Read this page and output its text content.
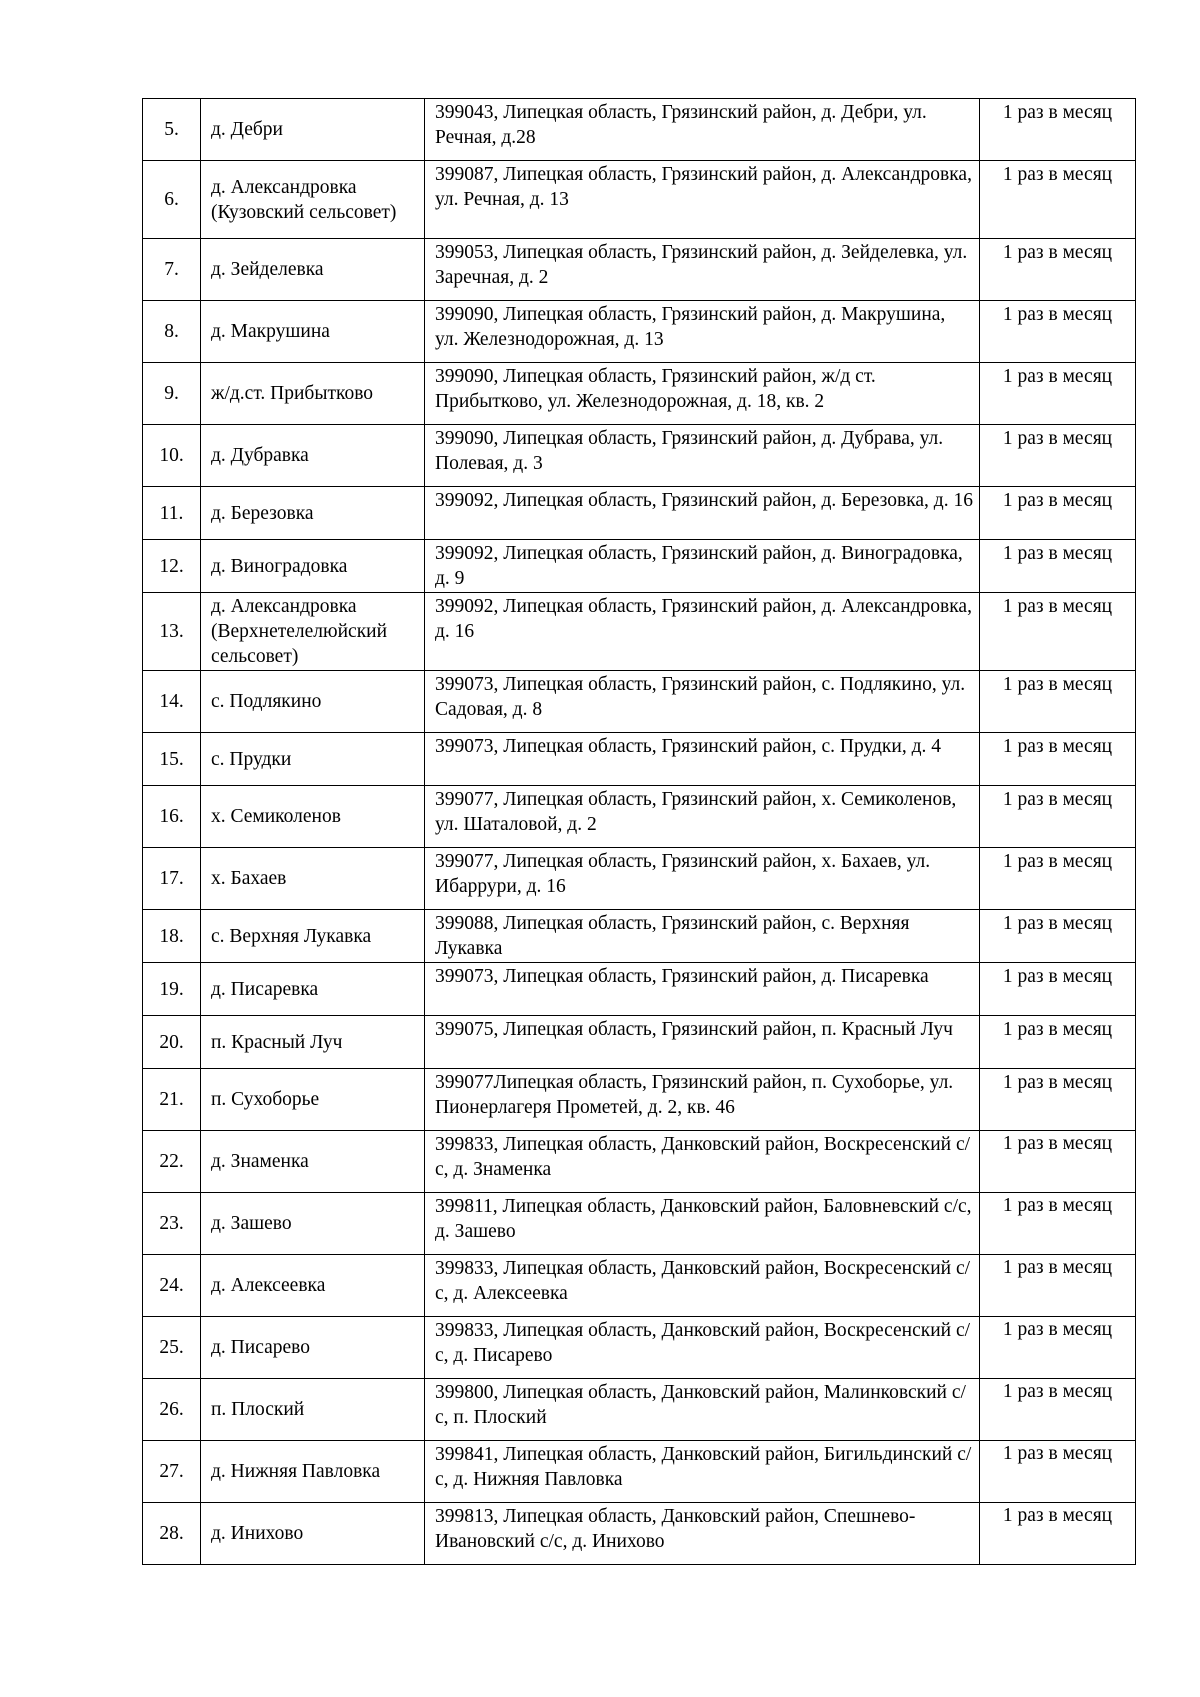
5.	д. Дебри	399043, Липецкая область, Грязинский район, д. Дебри, ул. Речная, д.28	1 раз в месяц
6.	д. Александровка (Кузовский сельсовет)	399087, Липецкая область, Грязинский район, д. Александровка, ул. Речная, д. 13	1 раз в месяц
7.	д. Зейделевка	399053, Липецкая область, Грязинский район, д. Зейделевка, ул. Заречная, д. 2	1 раз в месяц
8.	д. Макрушина	399090, Липецкая область, Грязинский район, д. Макрушина, ул. Железнодорожная, д. 13	1 раз в месяц
9.	ж/д.ст. Прибытково	399090, Липецкая область, Грязинский район, ж/д ст. Прибытково, ул. Железнодорожная, д. 18, кв. 2	1 раз в месяц
10.	д. Дубравка	399090, Липецкая область, Грязинский район, д. Дубрава, ул. Полевая, д. 3	1 раз в месяц
11.	д. Березовка	399092, Липецкая область, Грязинский район, д. Березовка, д. 16	1 раз в месяц
12.	д. Виноградовка	399092, Липецкая область, Грязинский район, д. Виноградовка, д. 9	1 раз в месяц
13.	д. Александровка (Верхнетелелюйский сельсовет)	399092, Липецкая область, Грязинский район, д. Александровка, д. 16	1 раз в месяц
14.	с. Подлякино	399073, Липецкая область, Грязинский район, с. Подлякино, ул. Садовая, д. 8	1 раз в месяц
15.	с. Прудки	399073, Липецкая область, Грязинский район, с. Прудки, д. 4	1 раз в месяц
16.	х. Семиколенов	399077, Липецкая область, Грязинский район, х. Семиколенов, ул. Шаталовой, д. 2	1 раз в месяц
17.	х. Бахаев	399077, Липецкая область, Грязинский район, х. Бахаев, ул. Ибаррури, д. 16	1 раз в месяц
18.	с. Верхняя Лукавка	399088, Липецкая область, Грязинский район, с. Верхняя Лукавка	1 раз в месяц
19.	д. Писаревка	399073, Липецкая область, Грязинский район, д. Писаревка	1 раз в месяц
20.	п. Красный Луч	399075, Липецкая область, Грязинский район, п. Красный Луч	1 раз в месяц
21.	п. Сухоборье	399077Липецкая область, Грязинский район, п. Сухоборье, ул. Пионерлагеря Прометей, д. 2, кв. 46	1 раз в месяц
22.	д. Знаменка	399833, Липецкая область, Данковский район, Воскресенский с/с, д. Знаменка	1 раз в месяц
23.	д. Зашево	399811, Липецкая область, Данковский район, Баловневский с/с, д. Зашево	1 раз в месяц
24.	д. Алексеевка	399833, Липецкая область, Данковский район, Воскресенский с/с, д. Алексеевка	1 раз в месяц
25.	д. Писарево	399833, Липецкая область, Данковский район, Воскресенский с/с, д. Писарево	1 раз в месяц
26.	п. Плоский	399800, Липецкая область, Данковский район, Малинковский с/с, п. Плоский	1 раз в месяц
27.	д. Нижняя Павловка	399841, Липецкая область, Данковский район, Бигильдинский с/с, д. Нижняя Павловка	1 раз в месяц
28.	д. Инихово	399813, Липецкая область, Данковский район, Спешнево-Ивановский с/с, д. Инихово	1 раз в месяц
